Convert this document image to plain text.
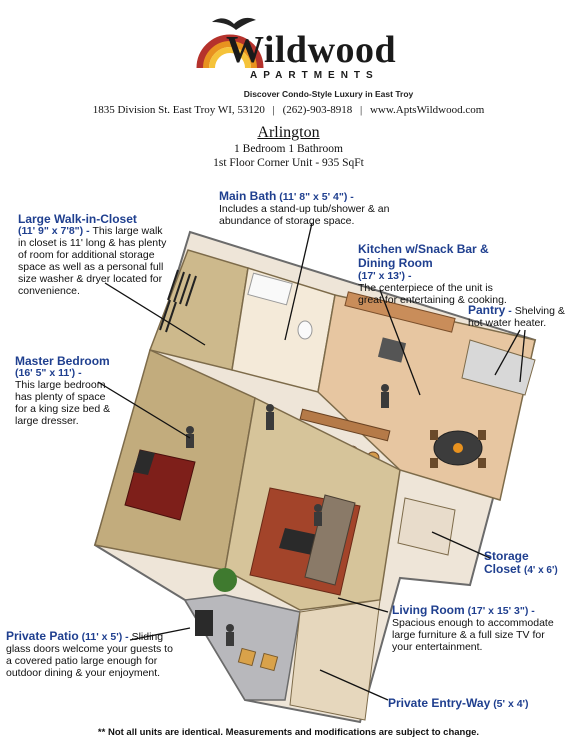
Wildwood
APARTMENTS
Discover Condo-Style Luxury in East Troy
1835 Division St. East Troy WI, 53120 | (262)-903-8918 | www.AptsWildwood.com
Arlington
1 Bedroom 1 Bathroom
1st Floor Corner Unit - 935 SqFt
Large Walk-in-Closet
(11' 9" x 7'8") - This large walk in closet is 11' long & has plenty of room for additional storage space as well as a personal full size washer & dryer located for convenience.
Main Bath (11' 8" x 5' 4") -
Includes a stand-up tub/shower & an abundance of storage space.
Kitchen w/Snack Bar & Dining Room
(17' x 13') -
The centerpiece of the unit is great for entertaining & cooking.
Pantry - Shelving & hot water heater.
Master Bedroom
(16' 5" x 11') -
This large bedroom has plenty of space for a king size bed & large dresser.
Storage Closet (4' x 6')
Living Room (17' x 15' 3") -
Spacious enough to accommodate large furniture & a full size TV for your entertainment.
Private Patio (11' x 5') - Sliding glass doors welcome your guests to a covered patio large enough for outdoor dining & your enjoyment.
Private Entry-Way (5' x 4')
** Not all units are identical. Measurements and modifications are subject to change.
